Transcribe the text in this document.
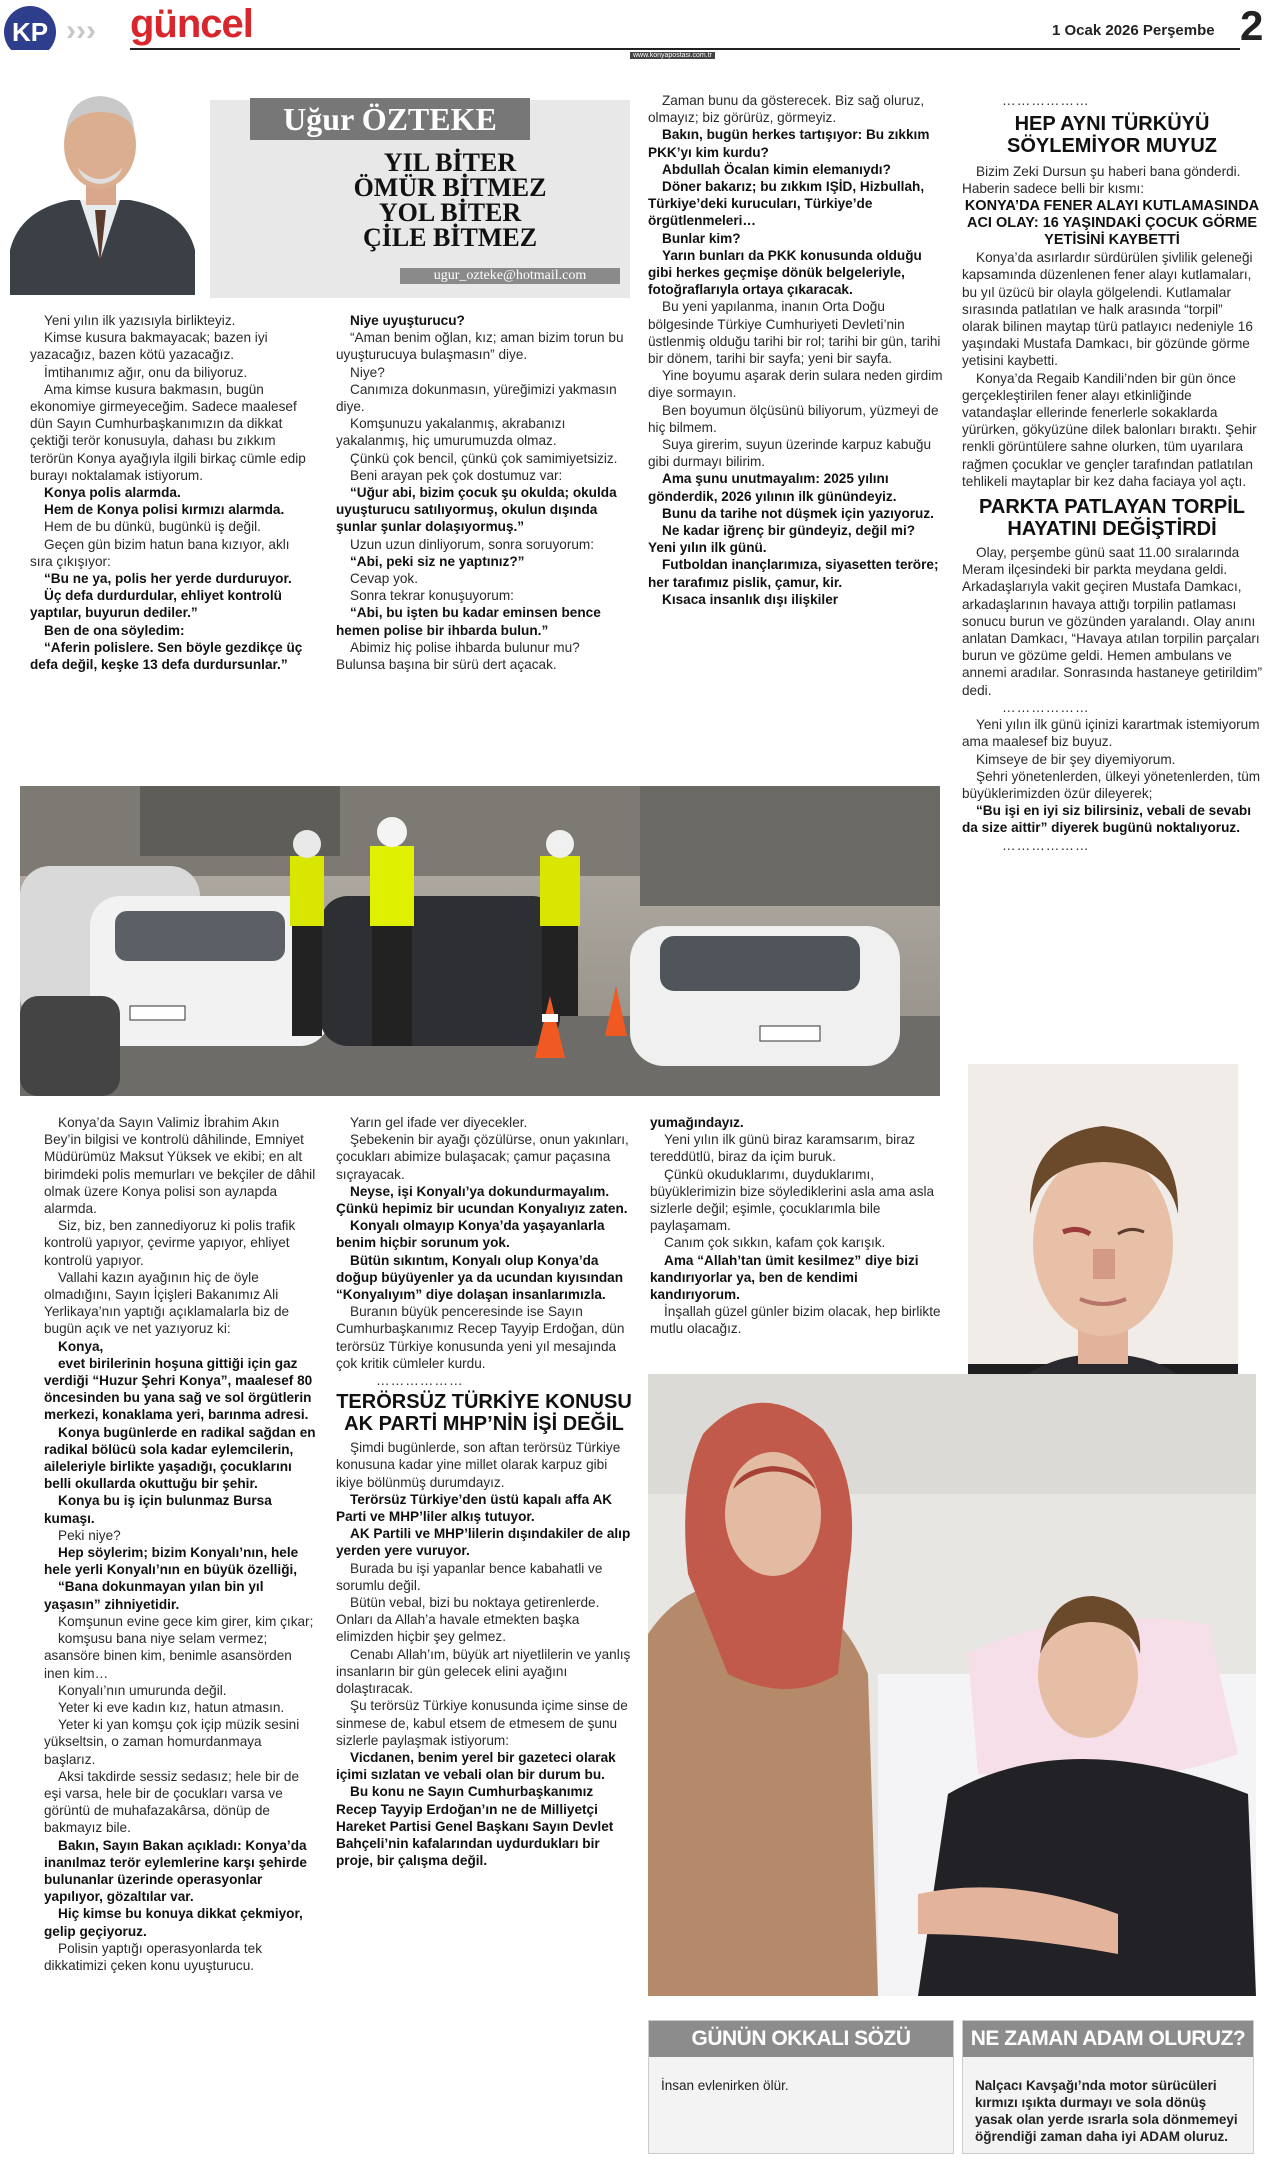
KP ››› güncel	1 Ocak 2026 Perşembe 2
www.konyapostasi.com.tr
Uğur ÖZTEKE
YIL BİTER
ÖMÜR BİTMEZ
YOL BİTER
ÇİLE BİTMEZ
ugur_ozteke@hotmail.com

Yeni yılın ilk yazısıyla birlikteyiz.

Kimse kusura bakmayacak; bazen iyi yazacağız, bazen kötü yazacağız.

İmtihanımız ağır, onu da biliyoruz.

Ama kimse kusura bakmasın, bugün ekonomiye girmeyeceğim. Sadece maalesef dün Sayın Cumhurbaşkanımızın da dikkat çektiği terör konusuyla, dahası bu zıkkım terörün Konya ayağıyla ilgili birkaç cümle edip burayı noktalamak istiyorum.

Konya polis alarmda.

Hem de Konya polisi kırmızı alarmda.

Hem de bu dünkü, bugünkü iş değil.

Geçen gün bizim hatun bana kızıyor, aklı sıra çıkışıyor:

“Bu ne ya, polis her yerde durduruyor.

Üç defa durdurdular, ehliyet kontrolü yaptılar, buyurun dediler.”

Ben de ona söyledim:

“Aferin polislere. Sen böyle gezdikçe üç defa değil, keşke 13 defa durdursunlar.”

Niye uyuşturucu?

“Aman benim oğlan, kız; aman bizim torun bu uyuşturucuya bulaşmasın” diye.

Niye?

Canımıza dokunmasın, yüreğimizi yakmasın diye.

Komşunuzu yakalanmış, akrabanızı yakalanmış, hiç umurumuzda olmaz.

Çünkü çok bencil, çünkü çok samimiyetsiziz.

Beni arayan pek çok dostumuz var:

“Uğur abi, bizim çocuk şu okulda; okulda uyuşturucu satılıyormuş, okulun dışında şunlar şunlar dolaşıyormuş.”

Uzun uzun dinliyorum, sonra soruyorum:

“Abi, peki siz ne yaptınız?”

Cevap yok.

Sonra tekrar konuşuyorum:

“Abi, bu işten bu kadar eminsen bence hemen polise bir ihbarda bulun.”

Abimiz hiç polise ihbarda bulunur mu? Bulunsa başına bir sürü dert açacak.

Zaman bunu da gösterecek. Biz sağ oluruz, olmayız; biz görürüz, görmeyiz.

Bakın, bugün herkes tartışıyor: Bu zıkkım PKK’yı kim kurdu?

Abdullah Öcalan kimin elemanıydı?

Döner bakarız; bu zıkkım IŞİD, Hizbullah, Türkiye’deki kurucuları, Türkiye’de örgütlenmeleri…

Bunlar kim?

Yarın bunları da PKK konusunda olduğu gibi herkes geçmişe dönük belgeleriyle, fotoğraflarıyla ortaya çıkaracak.

Bu yeni yapılanma, inanın Orta Doğu bölgesinde Türkiye Cumhuriyeti Devleti’nin üstlenmiş olduğu tarihi bir rol; tarihi bir gün, tarihi bir dönem, tarihi bir sayfa; yeni bir sayfa.

Yine boyumu aşarak derin sulara neden girdim diye sormayın.

Ben boyumun ölçüsünü biliyorum, yüzmeyi de hiç bilmem.

Suya girerim, suyun üzerinde karpuz kabuğu gibi durmayı bilirim.

Ama şunu unutmayalım: 2025 yılını gönderdik, 2026 yılının ilk günündeyiz.

Bunu da tarihe not düşmek için yazıyoruz.

Ne kadar iğrenç bir gündeyiz, değil mi? Yeni yılın ilk günü.

Futboldan inançlarımıza, siyasetten teröre; her tarafımız pislik, çamur, kir.

Kısaca insanlık dışı ilişkiler

………………

HEP AYNI TÜRKÜYÜ SÖYLEMİYOR MUYUZ

Bizim Zeki Dursun şu haberi bana gönderdi. Haberin sadece belli bir kısmı:

KONYA’DA FENER ALAYI KUTLAMASINDA ACI OLAY: 16 YAŞINDAKİ ÇOCUK GÖRME YETİSİNİ KAYBETTİ

Konya’da asırlardır sürdürülen şivlilik geleneği kapsamında düzenlenen fener alayı kutlamaları, bu yıl üzücü bir olayla gölgelendi. Kutlamalar sırasında patlatılan ve halk arasında “torpil” olarak bilinen maytap türü patlayıcı nedeniyle 16 yaşındaki Mustafa Damkacı, bir gözünde görme yetisini kaybetti.

Konya’da Regaib Kandili’nden bir gün önce gerçekleştirilen fener alayı etkinliğinde vatandaşlar ellerinde fenerlerle sokaklarda yürürken, gökyüzüne dilek balonları bıraktı. Şehir renkli görüntülere sahne olurken, tüm uyarılara rağmen çocuklar ve gençler tarafından patlatılan tehlikeli maytaplar bir kez daha faciaya yol açtı.

PARKTA PATLAYAN TORPİL HAYATINI DEĞİŞTİRDİ

Olay, perşembe günü saat 11.00 sıralarında Meram ilçesindeki bir parkta meydana geldi. Arkadaşlarıyla vakit geçiren Mustafa Damkacı, arkadaşlarının havaya attığı torpilin patlaması sonucu burun ve gözünden yaralandı. Olay anını anlatan Damkacı, “Havaya atılan torpilin parçaları burun ve gözüme geldi. Hemen ambulans ve annemi aradılar. Sonrasında hastaneye getirildim” dedi.

………………

Yeni yılın ilk günü içinizi karartmak istemiyorum ama maalesef biz buyuz.

Kimseye de bir şey diyemiyorum.

Şehri yönetenlerden, ülkeyi yönetenlerden, tüm büyüklerimizden özür dileyerek;

“Bu işi en iyi siz bilirsiniz, vebali de sevabı da size aittir” diyerek bugünü noktalıyoruz.

………………

Konya’da Sayın Valimiz İbrahim Akın Bey’in bilgisi ve kontrolü dâhilinde, Emniyet Müdürümüz Maksut Yüksek ve ekibi; en alt birimdeki polis memurları ve bekçiler de dâhil olmak üzere Konya polisi son ayларda alarmda.

Siz, biz, ben zannediyoruz ki polis trafik kontrolü yapıyor, çevirme yapıyor, ehliyet kontrolü yapıyor.

Vallahi kazın ayağının hiç de öyle olmadığını, Sayın İçişleri Bakanımız Ali Yerlikaya’nın yaptığı açıklamalarla biz de bugün açık ve net yazıyoruz ki:

Konya,

evet birilerinin hoşuna gittiği için gaz verdiği “Huzur Şehri Konya”, maalesef 80 öncesinden bu yana sağ ve sol örgütlerin merkezi, konaklama yeri, barınma adresi.

Konya bugünlerde en radikal sağdan en radikal bölücü sola kadar eylemcilerin, aileleriyle birlikte yaşadığı, çocuklarını belli okullarda okuttuğu bir şehir.

Konya bu iş için bulunmaz Bursa kumaşı.

Peki niye?

Hep söylerim; bizim Konyalı’nın, hele hele yerli Konyalı’nın en büyük özelliği,

“Bana dokunmayan yılan bin yıl yaşasın” zihniyetidir.

Komşunun evine gece kim girer, kim çıkar;

komşusu bana niye selam vermez; asansöre binen kim, benimle asansörden inen kim…

Konyalı’nın umurunda değil.

Yeter ki eve kadın kız, hatun atmasın.

Yeter ki yan komşu çok içip müzik sesini yükseltsin, o zaman homurdanmaya başlarız.

Aksi takdirde sessiz sedasız; hele bir de eşi varsa, hele bir de çocukları varsa ve görüntü de muhafazakârsa, dönüp de bakmayız bile.

Bakın, Sayın Bakan açıkladı: Konya’da inanılmaz terör eylemlerine karşı şehirde bulunanlar üzerinde operasyonlar yapılıyor, gözaltılar var.

Hiç kimse bu konuya dikkat çekmiyor, gelip geçiyoruz.

Polisin yaptığı operasyonlarda tek dikkatimizi çeken konu uyuşturucu.

Yarın gel ifade ver diyecekler.

Şebekenin bir ayağı çözülürse, onun yakınları, çocukları abimize bulaşacak; çamur paçasına sıçrayacak.

Neyse, işi Konyalı’ya dokundurmayalım. Çünkü hepimiz bir ucundan Konyalıyız zaten.

Konyalı olmayıp Konya’da yaşayanlarla benim hiçbir sorunum yok.

Bütün sıkıntım, Konyalı olup Konya’da doğup büyüyenler ya da ucundan kıyısından “Konyalıyım” diye dolaşan insanlarımızla.

Buranın büyük penceresinde ise Sayın Cumhurbaşkanımız Recep Tayyip Erdoğan, dün terörsüz Türkiye konusunda yeni yıl mesajında çok kritik cümleler kurdu.

………………

TERÖRSÜZ TÜRKİYE KONUSU AK PARTİ MHP’NİN İŞİ DEĞİL

Şimdi bugünlerde, son aftan terörsüz Türkiye konusuna kadar yine millet olarak karpuz gibi ikiye bölünmüş durumdayız.

Terörsüz Türkiye’den üstü kapalı affa AK Parti ve MHP’liler alkış tutuyor.

AK Partili ve MHP’lilerin dışındakiler de alıp yerden yere vuruyor.

Burada bu işi yapanlar bence kabahatli ve sorumlu değil.

Bütün vebal, bizi bu noktaya getirenlerde. Onları da Allah’a havale etmekten başka elimizden hiçbir şey gelmez.

Cenabı Allah’ım, büyük art niyetlilerin ve yanlış insanların bir gün gelecek elini ayağını dolaştıracak.

Şu terörsüz Türkiye konusunda içime sinse de sinmese de, kabul etsem de etmesem de şunu sizlerle paylaşmak istiyorum:

Vicdanen, benim yerel bir gazeteci olarak içimi sızlatan ve vebali olan bir durum bu.

Bu konu ne Sayın Cumhurbaşkanımız Recep Tayyip Erdoğan’ın ne de Milliyetçi Hareket Partisi Genel Başkanı Sayın Devlet Bahçeli’nin kafalarından uydurdukları bir proje, bir çalışma değil.

yumağındayız.

Yeni yılın ilk günü biraz karamsarım, biraz tereddütlü, biraz da içim buruk.

Çünkü okuduklarımı, duyduklarımı, büyüklerimizin bize söylediklerini asla ama asla sizlerle değil; eşimle, çocuklarımla bile paylaşamam.

Canım çok sıkkın, kafam çok karışık.

Ama “Allah’tan ümit kesilmez” diye bizi kandırıyorlar ya, ben de kendimi kandırıyorum.

İnşallah güzel günler bizim olacak, hep birlikte mutlu olacağız.

GÜNÜN OKKALI SÖZÜ
İnsan evlenirken ölür.
NE ZAMAN ADAM OLURUZ?
Nalçacı Kavşağı’nda motor sürücüleri kırmızı ışıkta durmayı ve sola dönüş yasak olan yerde ısrarla sola dönmemeyi öğrendiği zaman daha iyi ADAM oluruz.
